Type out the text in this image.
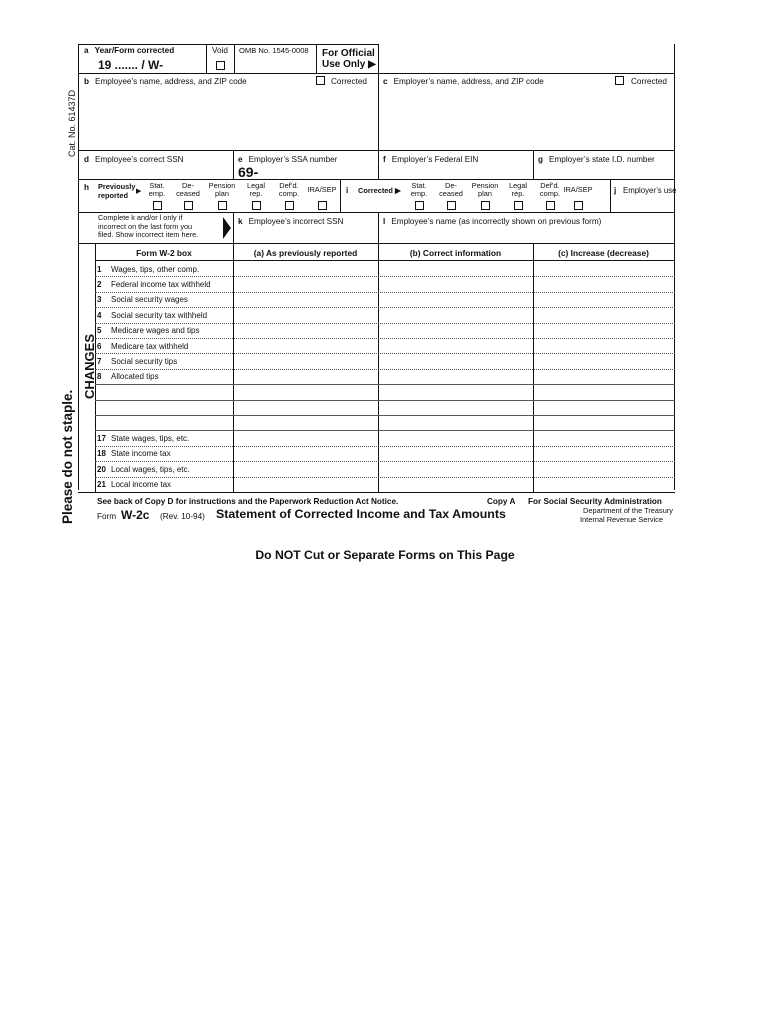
Cat. No. 61437D
Please do not staple.
CHANGES
a Year/Form corrected
19 ....... / W-
Void OMB No. 1545-0008 For Official
Use Only ▶
b Employee’s name, address, and ZIP code	Corrected c Employer’s name, address, and ZIP code	Corrected
d Employee’s correct SSN	e Employer’s SSA number
69-
f Employer’s Federal EIN	g Employer’s state I.D. number
h Previously
reported	▶	i Corrected ▶	j Employer’s use
Stat.
emp.
De-
ceased
Pension
plan
Legal
rep.
Def’d.
comp.	IRA/SEP	Stat.
emp.
De-
ceased
Pension
plan
Legal
rep.
Def’d.
comp. IRA/SEP
Complete k and/or l only if
incorrect on the last form you
filed. Show incorrect item here.
k Employee’s incorrect SSN	l Employee’s name (as incorrectly shown on previous form)
Form W-2 box	(a) As previously reported	(b) Correct information	(c) Increase (decrease)
1 Wages, tips, other comp.
2 Federal income tax withheld
3 Social security wages
4 Social security tax withheld
5 Medicare wages and tips
6 Medicare tax withheld
7 Social security tips
8 Allocated tips
17 State wages, tips, etc.
18 State income tax
20 Local wages, tips, etc.
21 Local income tax
See back of Copy D for instructions and the Paperwork Reduction Act Notice.	Copy A For Social Security Administration
Form W-2c (Rev. 10-94) Statement of Corrected Income and Tax Amounts	Department of the Treasury
Internal Revenue Service
Do NOT Cut or Separate Forms on This Page
